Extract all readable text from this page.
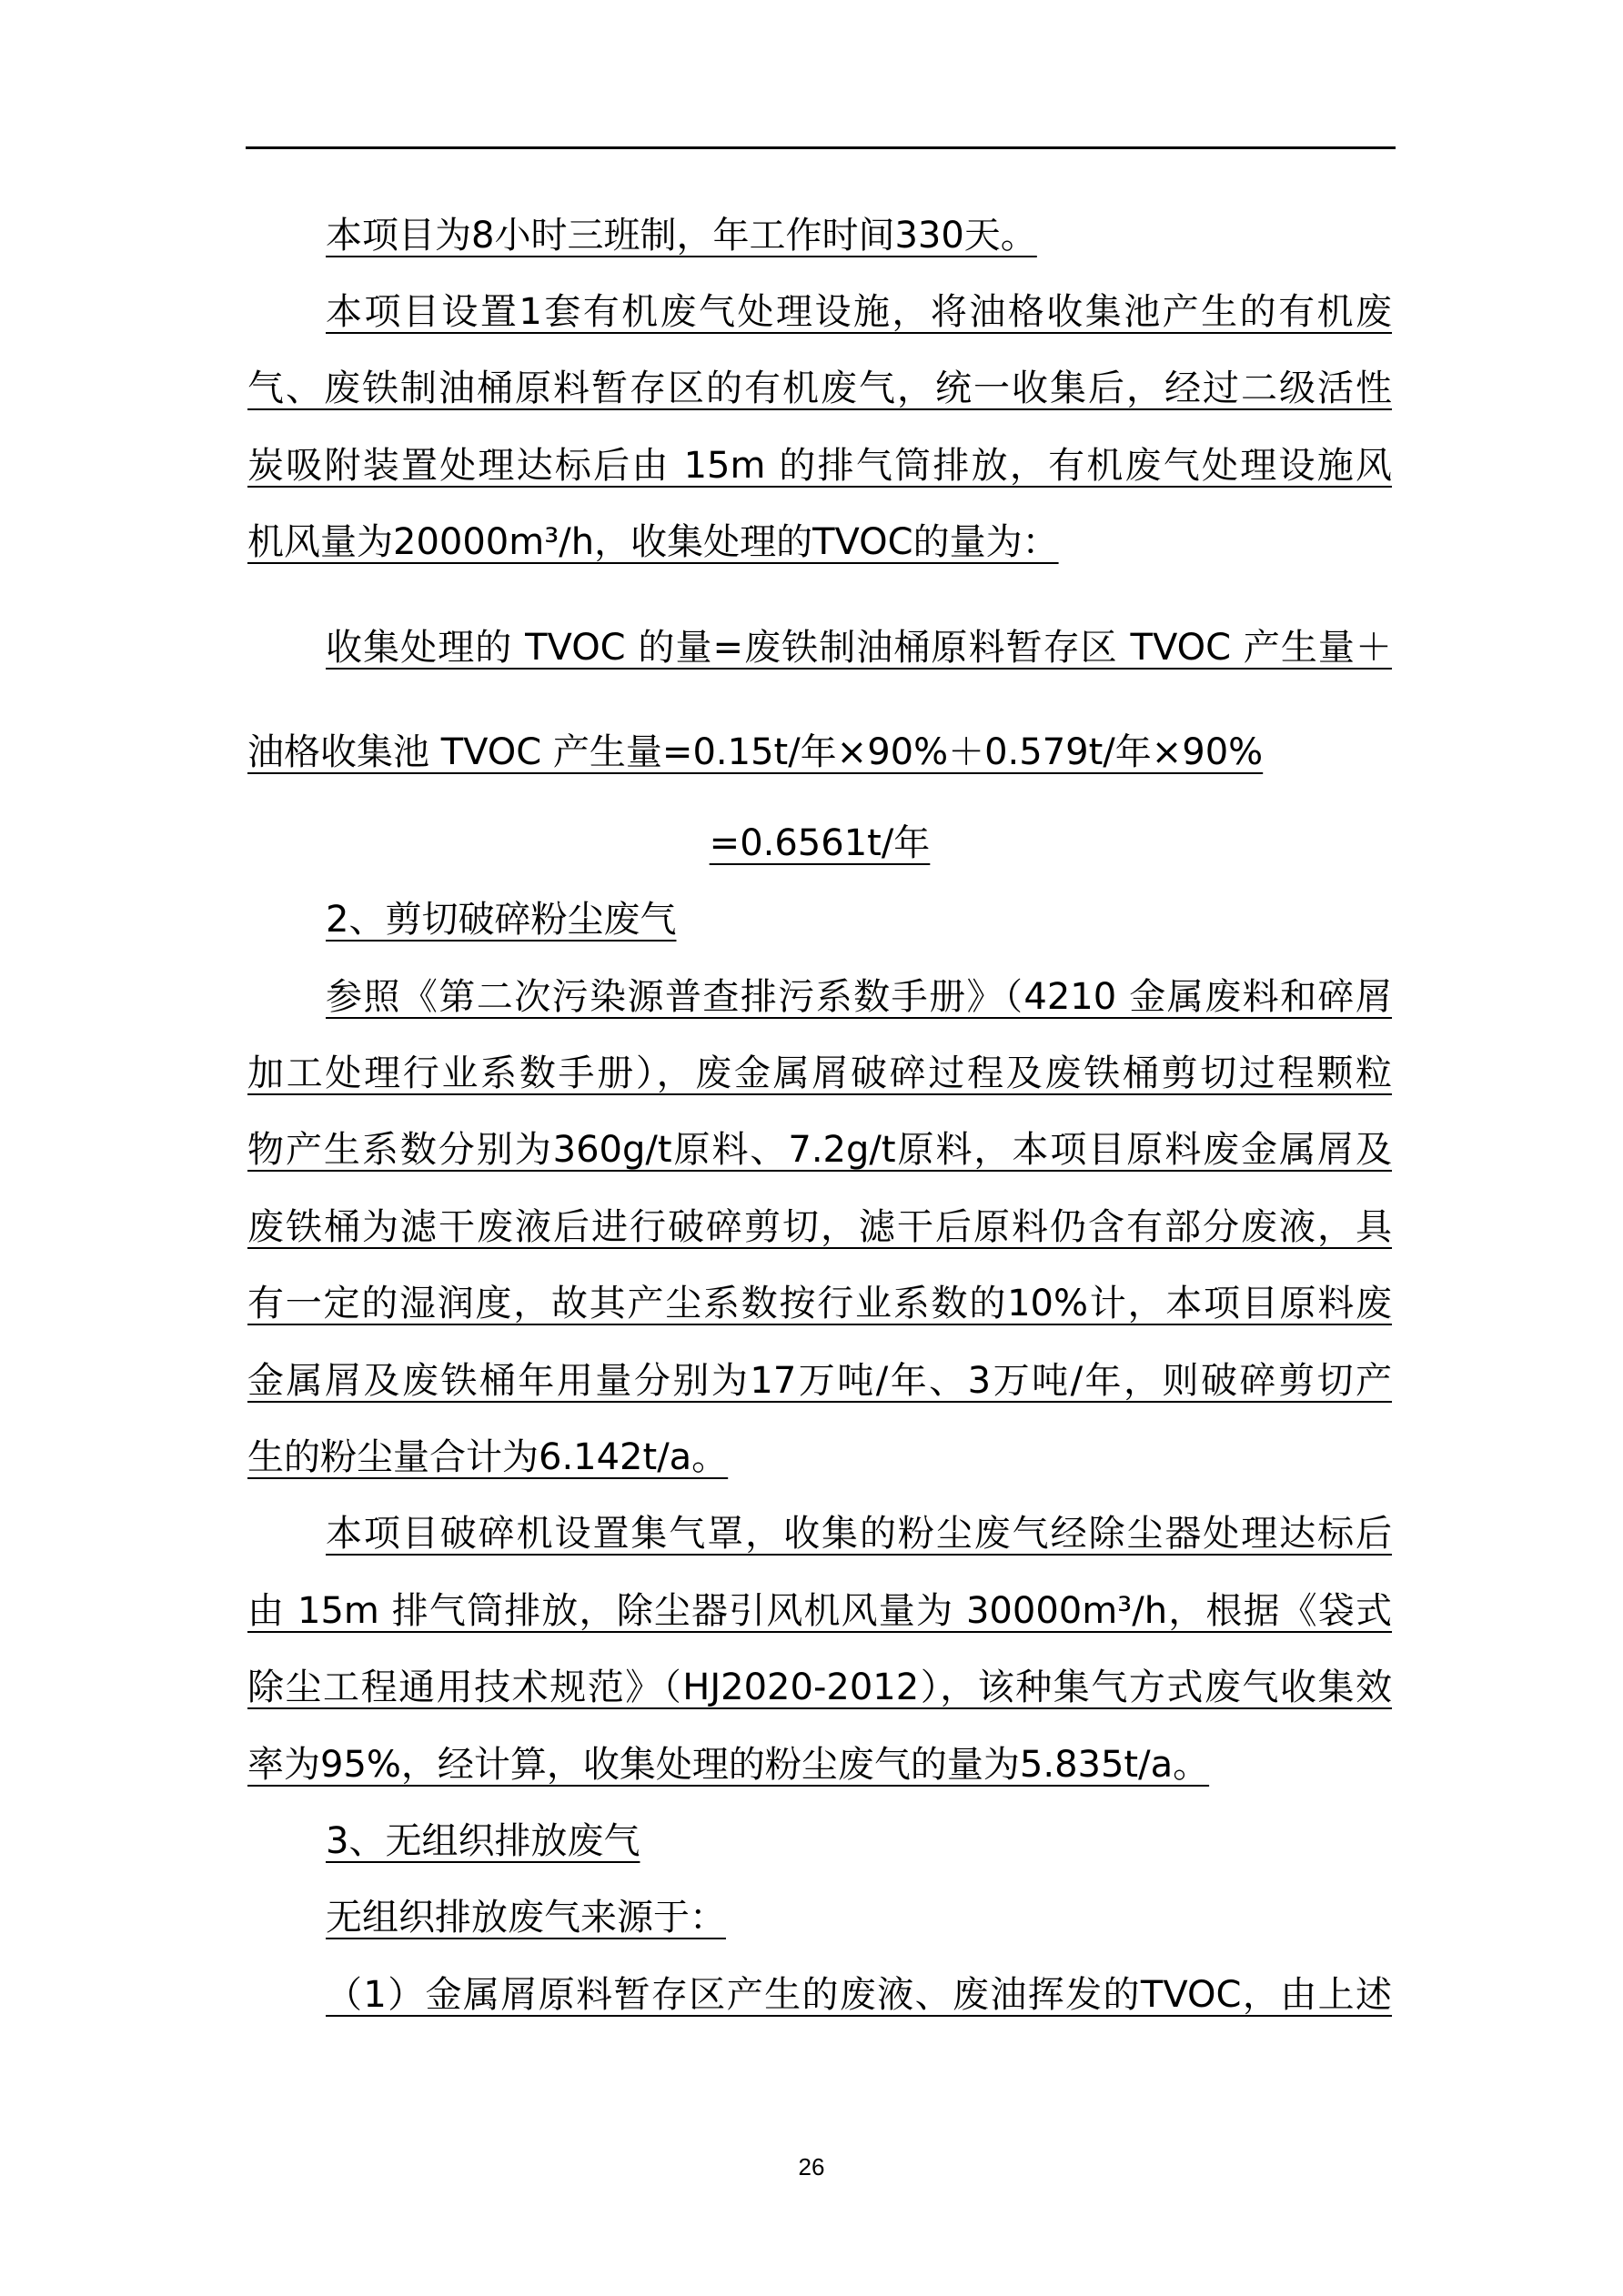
本项目为8小时三班制，年工作时间330天。
本项目设置1套有机废气处理设施，将油格收集池产生的有机废
气、废铁制油桶原料暂存区的有机废气，统一收集后，经过二级活性
炭吸附装置处理达标后由 15m 的排气筒排放，有机废气处理设施风
机风量为20000m³/h，收集处理的TVOC的量为：
收集处理的 TVOC 的量=废铁制油桶原料暂存区 TVOC 产生量＋
油格收集池 TVOC 产生量=0.15t/年×90%＋0.579t/年×90%
=0.6561t/年
2、剪切破碎粉尘废气
参照《第二次污染源普查排污系数手册》（4210 金属废料和碎屑
加工处理行业系数手册），废金属屑破碎过程及废铁桶剪切过程颗粒
物产生系数分别为360g/t原料、7.2g/t原料，本项目原料废金属屑及
废铁桶为滤干废液后进行破碎剪切，滤干后原料仍含有部分废液，具
有一定的湿润度，故其产尘系数按行业系数的10%计，本项目原料废
金属屑及废铁桶年用量分别为17万吨/年、3万吨/年，则破碎剪切产
生的粉尘量合计为6.142t/a。
本项目破碎机设置集气罩，收集的粉尘废气经除尘器处理达标后
由 15m 排气筒排放，除尘器引风机风量为 30000m³/h，根据《袋式
除尘工程通用技术规范》（HJ2020-2012），该种集气方式废气收集效
率为95%，经计算，收集处理的粉尘废气的量为5.835t/a。
3、无组织排放废气
无组织排放废气来源于：
（1）金属屑原料暂存区产生的废液、废油挥发的TVOC，由上述
26
